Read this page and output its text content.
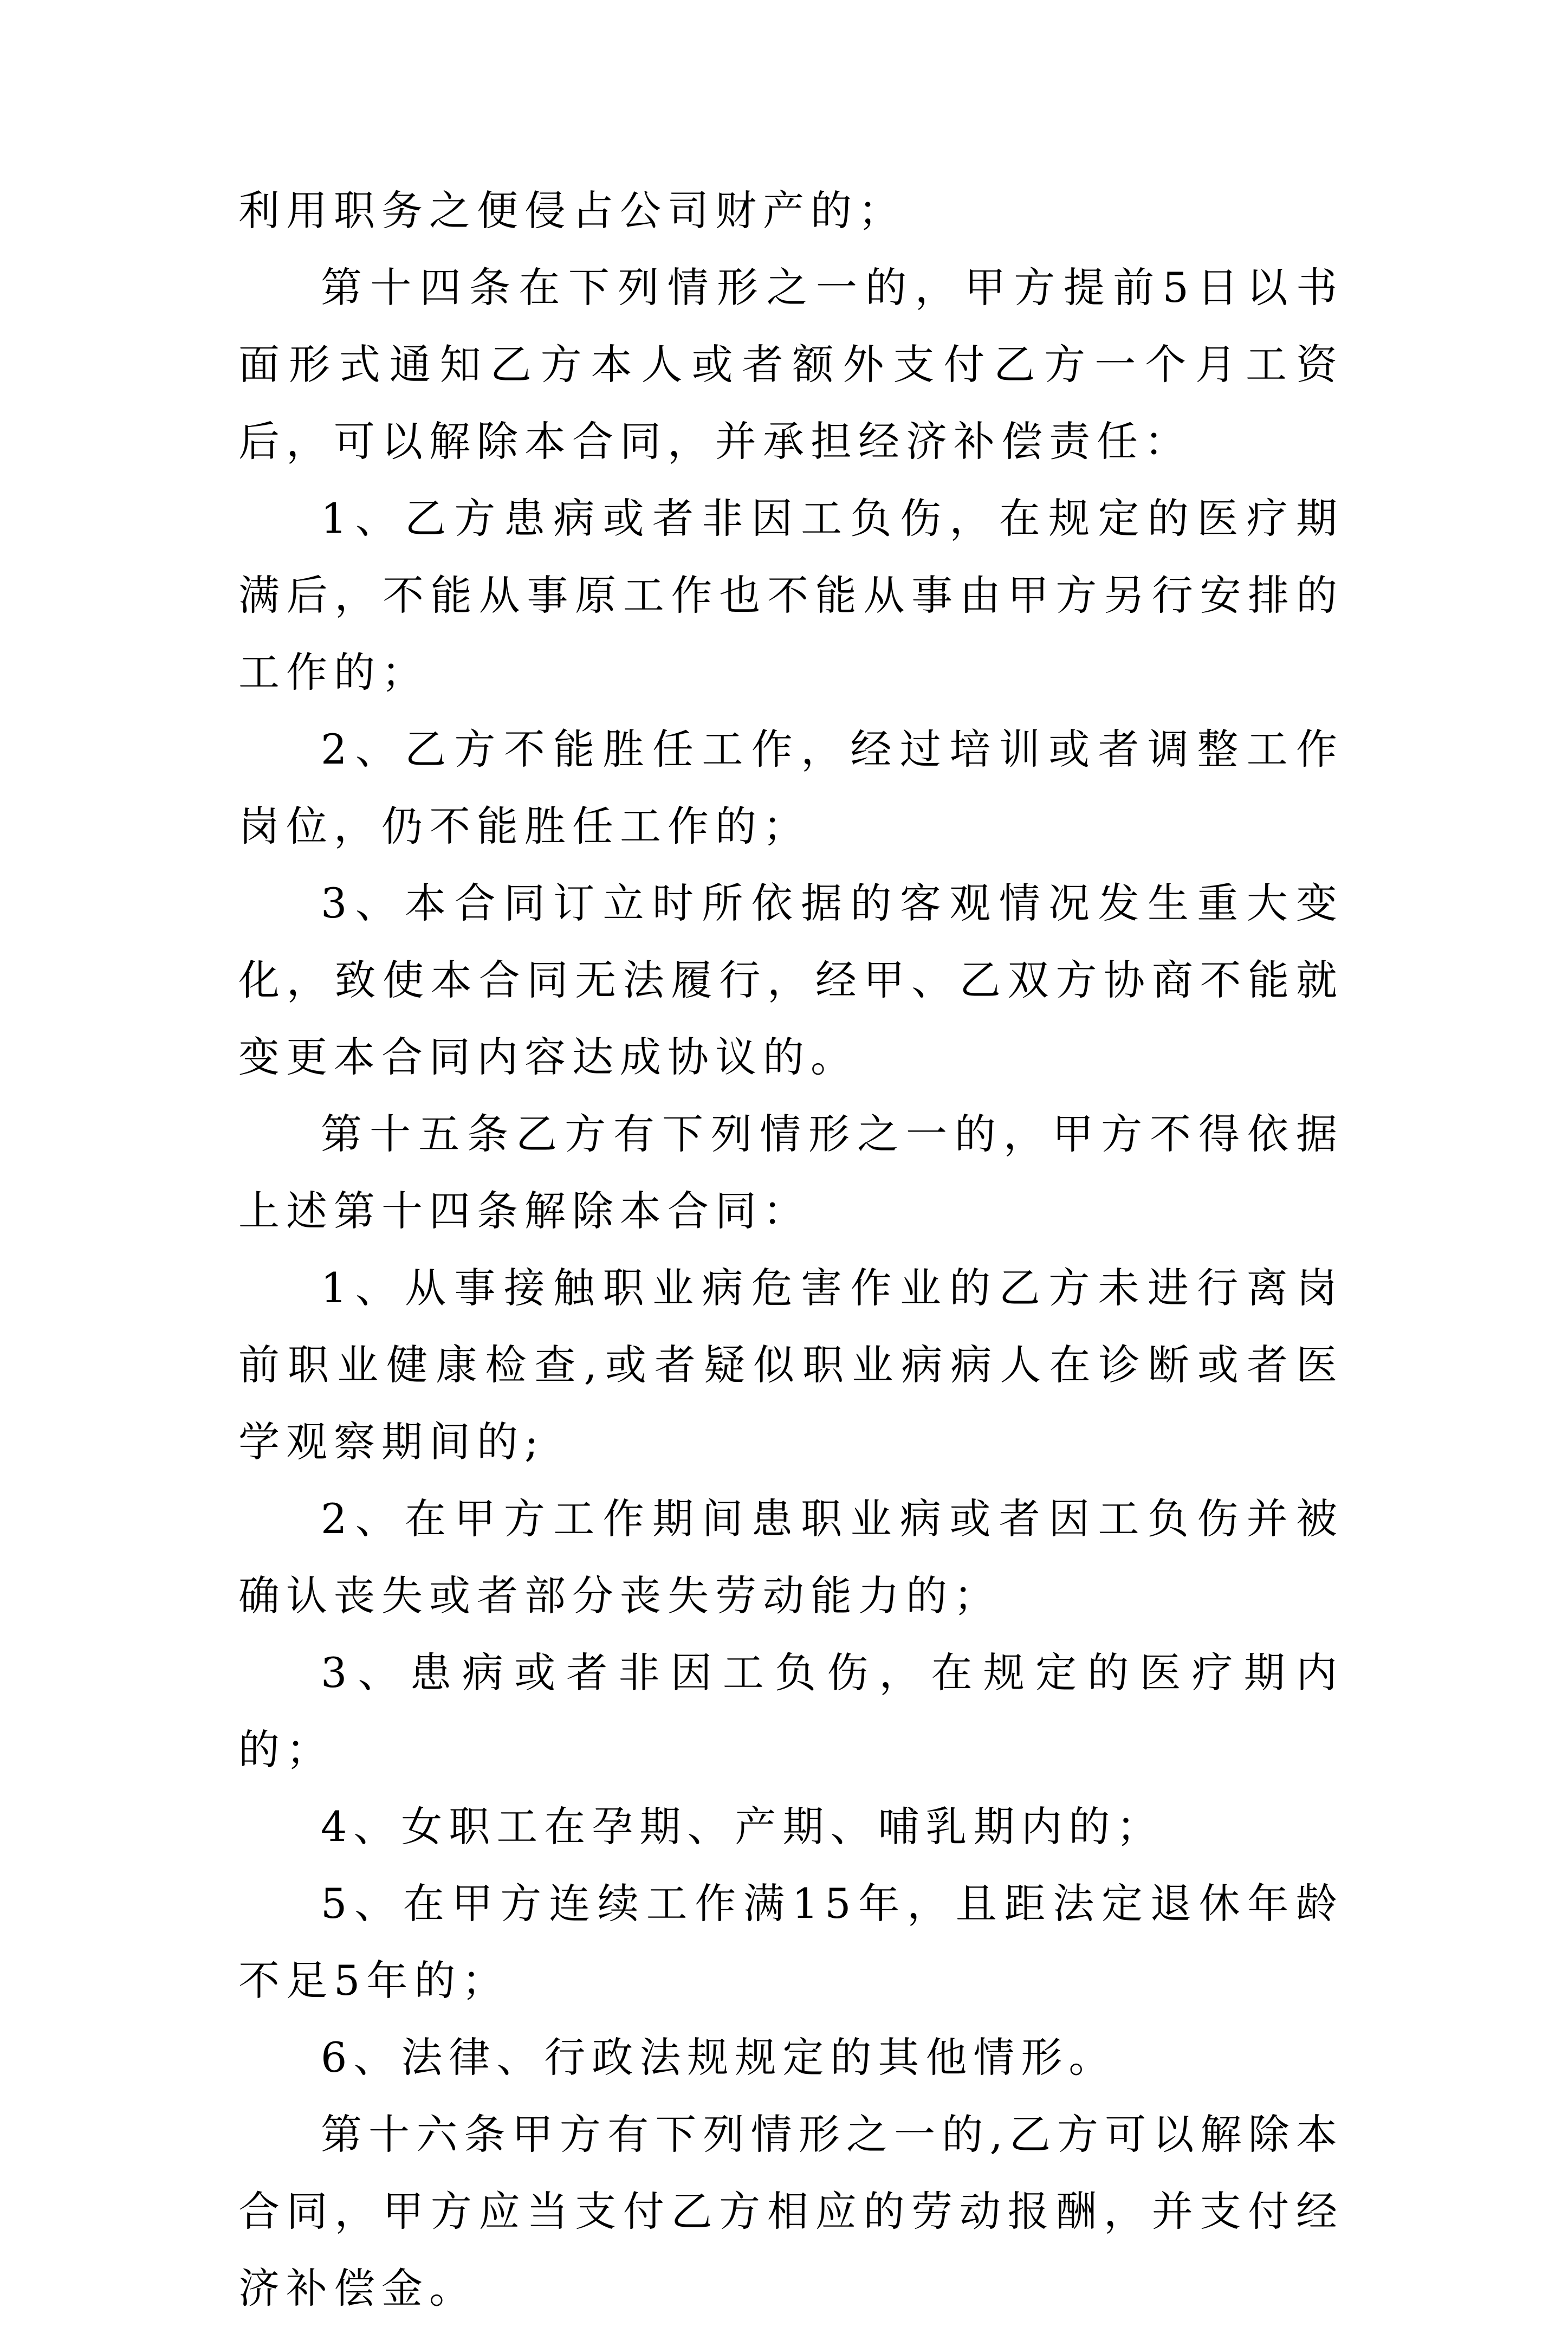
利用职务之便侵占公司财产的；

第十四条在下列情形之一的，甲方提前5日以书面形式通知乙方本人或者额外支付乙方一个月工资后，可以解除本合同，并承担经济补偿责任：

1、乙方患病或者非因工负伤，在规定的医疗期满后，不能从事原工作也不能从事由甲方另行安排的工作的；

2、乙方不能胜任工作，经过培训或者调整工作岗位，仍不能胜任工作的；

3、本合同订立时所依据的客观情况发生重大变化，致使本合同无法履行，经甲、乙双方协商不能就变更本合同内容达成协议的。

第十五条乙方有下列情形之一的，甲方不得依据上述第十四条解除本合同：

1、从事接触职业病危害作业的乙方未进行离岗前职业健康检查,或者疑似职业病病人在诊断或者医学观察期间的;

2、在甲方工作期间患职业病或者因工负伤并被确认丧失或者部分丧失劳动能力的；

3、患病或者非因工负伤，在规定的医疗期内的；

4、女职工在孕期、产期、哺乳期内的；

5、在甲方连续工作满15年，且距法定退休年龄不足5年的；

6、法律、行政法规规定的其他情形。

第十六条甲方有下列情形之一的,乙方可以解除本合同，甲方应当支付乙方相应的劳动报酬，并支付经济补偿金。
